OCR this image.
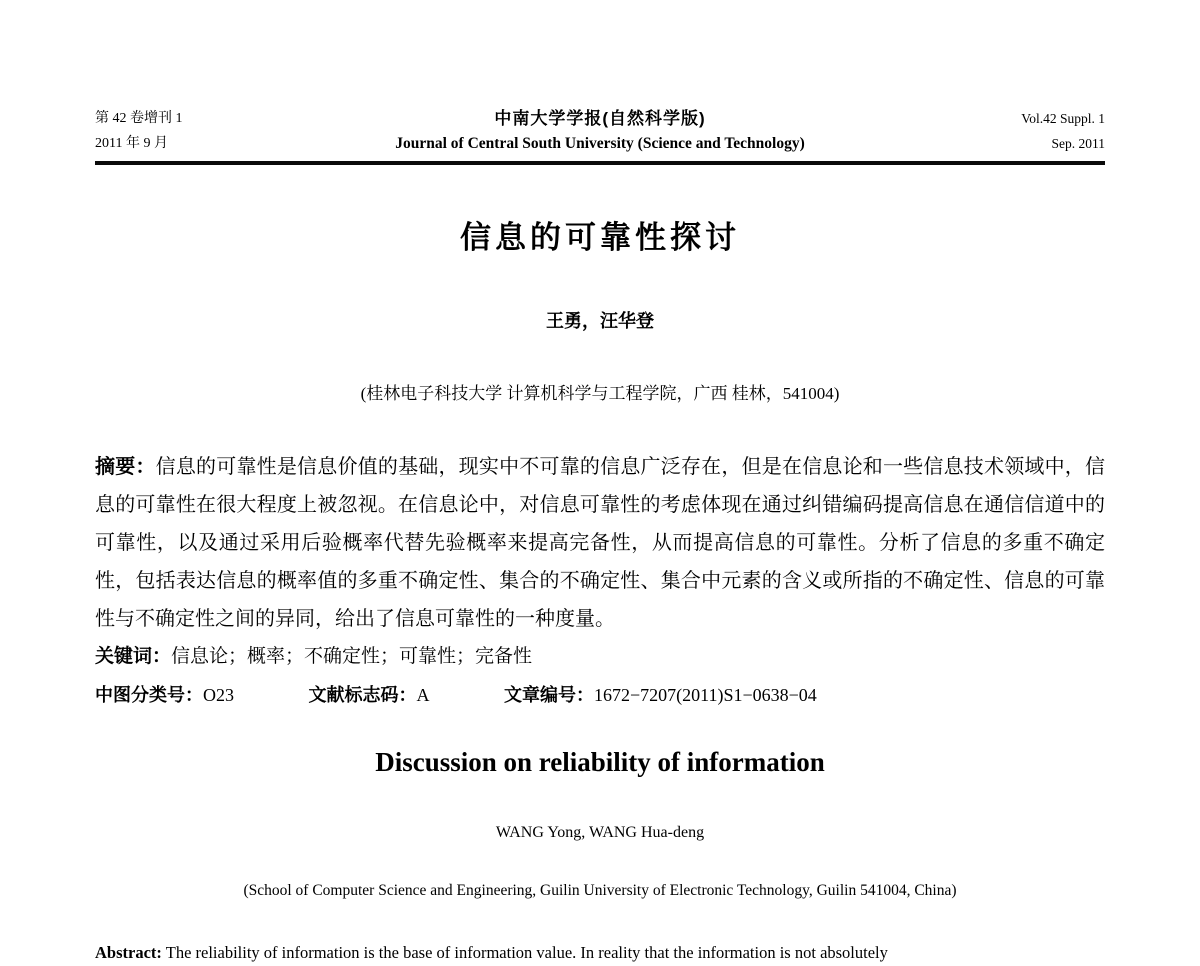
第 42 卷增刊 1
2011 年 9 月
中南大学学报(自然科学版)
Journal of Central South University (Science and Technology)
Vol.42 Suppl. 1
Sep. 2011
信息的可靠性探讨
王勇，汪华登
(桂林电子科技大学 计算机科学与工程学院，广西 桂林，541004)
摘要：信息的可靠性是信息价值的基础，现实中不可靠的信息广泛存在，但是在信息论和一些信息技术领域中，信息的可靠性在很大程度上被忽视。在信息论中，对信息可靠性的考虑体现在通过纠错编码提高信息在通信信道中的可靠性，以及通过采用后验概率代替先验概率来提高完备性，从而提高信息的可靠性。分析了信息的多重不确定性，包括表达信息的概率值的多重不确定性、集合的不确定性、集合中元素的含义或所指的不确定性、信息的可靠性与不确定性之间的异同，给出了信息可靠性的一种度量。
关键词：信息论；概率；不确定性；可靠性；完备性
中图分类号：O23	文献标志码：A	文章编号：1672−7207(2011)S1−0638−04
Discussion on reliability of information
WANG Yong, WANG Hua-deng
(School of Computer Science and Engineering, Guilin University of Electronic Technology, Guilin 541004, China)
Abstract: The reliability of information is the base of information value. In reality that the information is not absolutely
